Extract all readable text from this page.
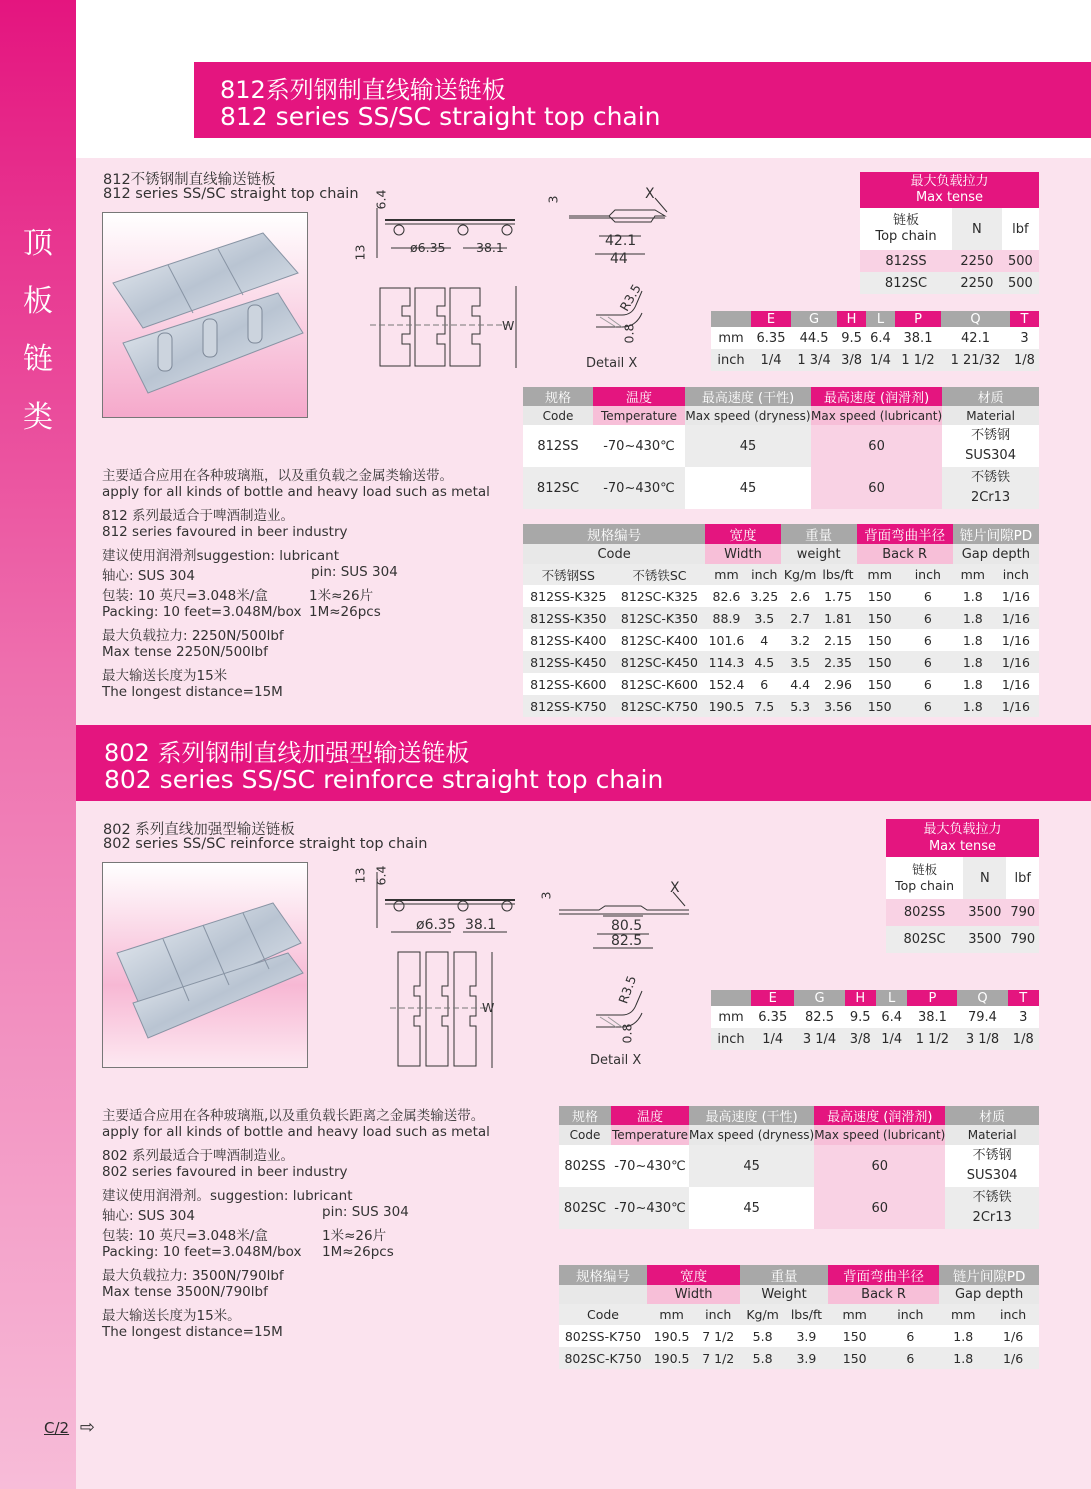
顶
板
链
类
812系列钢制直线输送链板
812 series SS/SC straight top chain
812不锈钢制直线输送链板
812 series SS/SC straight top chain 6.4
13	ø6.35 38.1
W
3	X
42.1
44
R3.5
0.8
Detail X
最大负载拉力
Max tense		

链板
Top chain	N	lbf
812SS	2250	500
812SC	2250	500
	E	G	H	L	P	Q	T
mm	6.35	44.5	9.5	6.4	38.1	42.1	3
inch	1/4	1 3/4	3/8	1/4	1 1/2	1 21/32	1/8
规格	温度	最高速度 (干性)	最高速度 (润滑剂)	材质
Code	Temperature	Max speed (dryness)	Max speed (lubricant)	Material
812SS	-70~430℃	45	60	不锈钢
SUS304

812SC	-70~430℃	45	60	不锈铁
2Cr13
主要适合应用在各种玻璃瓶，以及重负载之金属类输送带。
apply for all kinds of bottle and heavy load such as metal
812 系列最适合于啤酒制造业。
812 series favoured in beer industry
建议使用润滑剂suggestion: lubricant
轴心: SUS 304	pin: SUS 304
包装: 10 英尺=3.048米/盒	1米≈26片
Packing: 10 feet=3.048M/box 1M≈26pcs
最大负载拉力: 2250N/500lbf
Max tense 2250N/500lbf
最大输送长度为15米
The longest distance=15M
规格编号		宽度		重量		背面弯曲半径		链片间隙PD	
Code		Width		weight		Back R		Gap depth	
不锈钢SS	不锈铁SC	mm	inch	Kg/m	lbs/ft	mm	inch	mm	inch
812SS-K325	812SC-K325	82.6	3.25	2.6	1.75	150	6	1.8	1/16
812SS-K350	812SC-K350	88.9	3.5	2.7	1.81	150	6	1.8	1/16
812SS-K400	812SC-K400	101.6	4	3.2	2.15	150	6	1.8	1/16
812SS-K450	812SC-K450	114.3	4.5	3.5	2.35	150	6	1.8	1/16
812SS-K600	812SC-K600	152.4	6	4.4	2.96	150	6	1.8	1/16
812SS-K750	812SC-K750	190.5	7.5	5.3	3.56	150	6	1.8	1/16
802 系列钢制直线加强型输送链板
802 series SS/SC reinforce straight top chain
802 系列直线加强型输送链板
802 series SS/SC reinforce straight top chain
6.4
13
ø6.35 38.1
W
3	X
80.5
82.5
R3.5
0.8
Detail X
最大负载拉力
Max tense		

链板
Top chain	N	lbf
802SS	3500	790
802SC	3500	790
	E	G	H	L	P	Q	T
mm	6.35	82.5	9.5	6.4	38.1	79.4	3
inch	1/4	3 1/4	3/8	1/4	1 1/2	3 1/8	1/8
规格	温度	最高速度 (干性)	最高速度 (润滑剂)	材质
Code	Temperature	Max speed (dryness)	Max speed (lubricant)	Material
802SS	-70~430℃	45	60	不锈钢
SUS304

802SC	-70~430℃	45	60	不锈铁
2Cr13
主要适合应用在各种玻璃瓶,以及重负载长距离之金属类输送带。
apply for all kinds of bottle and heavy load such as metal
802 系列最适合于啤酒制造业。
802 series favoured in beer industry
建议使用润滑剂。suggestion: lubricant
轴心: SUS 304	pin: SUS 304
包装: 10 英尺=3.048米/盒	1米≈26片
Packing: 10 feet=3.048M/box 1M≈26pcs
最大负载拉力: 3500N/790lbf
Max tense 3500N/790lbf
最大输送长度为15米。
The longest distance=15M
规格编号	宽度		重量		背面弯曲半径		链片间隙PD	
	Width		Weight		Back R		Gap depth	
Code	mm	inch	Kg/m	lbs/ft	mm	inch	mm	inch
802SS-K750	190.5	7 1/2	5.8	3.9	150	6	1.8	1/6
802SC-K750	190.5	7 1/2	5.8	3.9	150	6	1.8	1/6
C/2 ⇨
